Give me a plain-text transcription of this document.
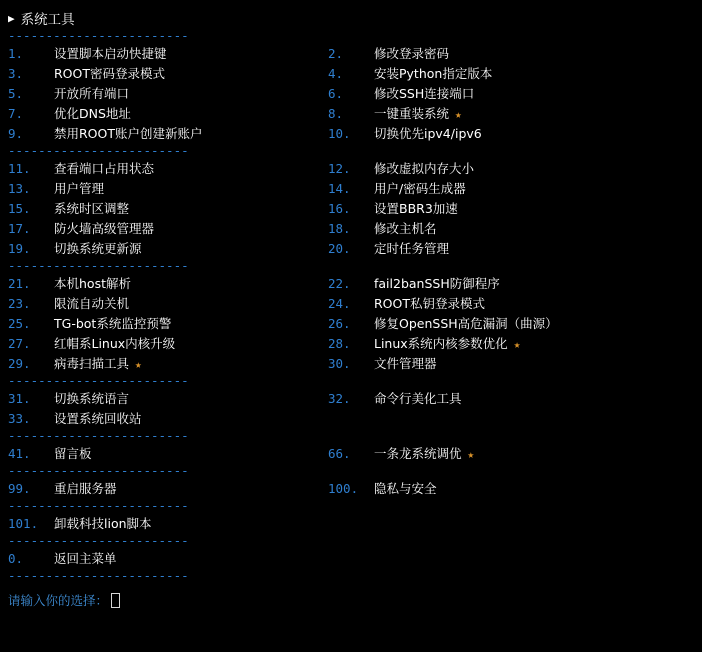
▶ 系统工具
------------------------
1.	设置脚本启动快捷键	2.	修改登录密码
3.	ROOT密码登录模式	4.	安装Python指定版本
5.	开放所有端口	6.	修改SSH连接端口
7.	优化DNS地址	8.	一键重装系统 ★
9.	禁用ROOT账户创建新账户	10.	切换优先ipv4/ipv6
------------------------
11.	查看端口占用状态	12.	修改虚拟内存大小
13.	用户管理	14.	用户/密码生成器
15.	系统时区调整	16.	设置BBR3加速
17.	防火墙高级管理器	18.	修改主机名
19.	切换系统更新源	20.	定时任务管理
------------------------
21.	本机host解析	22.	fail2banSSH防御程序
23.	限流自动关机	24.	ROOT私钥登录模式
25.	TG-bot系统监控预警	26.	修复OpenSSH高危漏洞（曲源）
27.	红帽系Linux内核升级	28.	Linux系统内核参数优化 ★
29.	病毒扫描工具 ★	30.	文件管理器
------------------------
31.	切换系统语言	32.	命令行美化工具
33.	设置系统回收站
------------------------
41.	留言板	66.	一条龙系统调优 ★
------------------------
99.	重启服务器	100.	隐私与安全
------------------------
101.	卸载科技lion脚本
------------------------
0.	返回主菜单
------------------------
请输入你的选择：
